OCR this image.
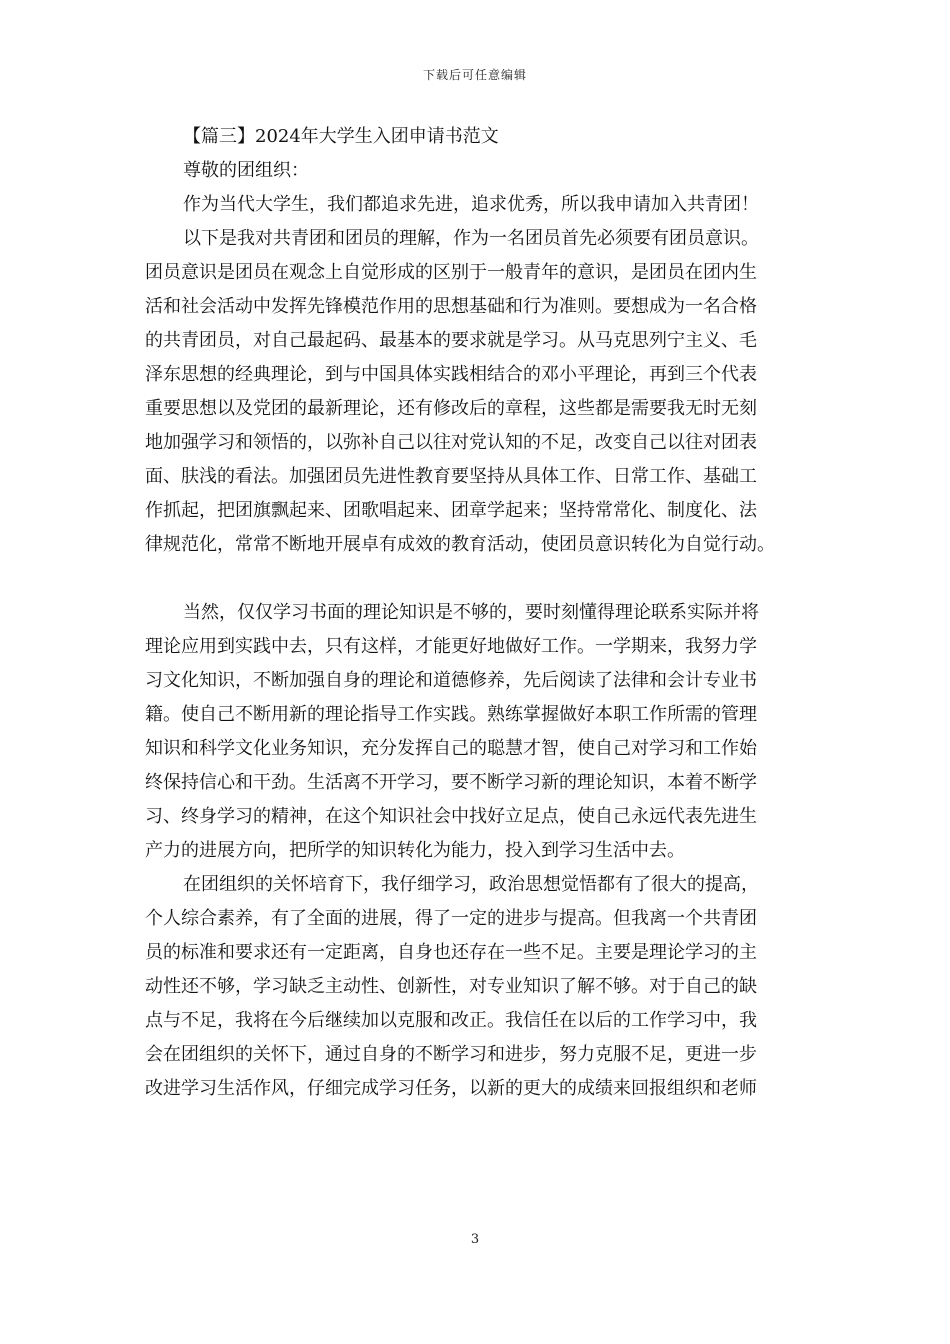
下载后可任意编辑
【篇三】2024年大学生入团申请书范文
尊敬的团组织：
作为当代大学生，我们都追求先进，追求优秀，所以我申请加入共青团！
以下是我对共青团和团员的理解，作为一名团员首先必须要有团员意识。
团员意识是团员在观念上自觉形成的区别于一般青年的意识，是团员在团内生
活和社会活动中发挥先锋模范作用的思想基础和行为准则。要想成为一名合格
的共青团员，对自己最起码、最基本的要求就是学习。从马克思列宁主义、毛
泽东思想的经典理论，到与中国具体实践相结合的邓小平理论，再到三个代表
重要思想以及党团的最新理论，还有修改后的章程，这些都是需要我无时无刻
地加强学习和领悟的，以弥补自己以往对党认知的不足，改变自己以往对团表
面、肤浅的看法。加强团员先进性教育要坚持从具体工作、日常工作、基础工
作抓起，把团旗飘起来、团歌唱起来、团章学起来；坚持常常化、制度化、法
律规范化，常常不断地开展卓有成效的教育活动，使团员意识转化为自觉行动。
当然，仅仅学习书面的理论知识是不够的，要时刻懂得理论联系实际并将
理论应用到实践中去，只有这样，才能更好地做好工作。一学期来，我努力学
习文化知识，不断加强自身的理论和道德修养，先后阅读了法律和会计专业书
籍。使自己不断用新的理论指导工作实践。熟练掌握做好本职工作所需的管理
知识和科学文化业务知识，充分发挥自己的聪慧才智，使自己对学习和工作始
终保持信心和干劲。生活离不开学习，要不断学习新的理论知识，本着不断学
习、终身学习的精神，在这个知识社会中找好立足点，使自己永远代表先进生
产力的进展方向，把所学的知识转化为能力，投入到学习生活中去。
在团组织的关怀培育下，我仔细学习，政治思想觉悟都有了很大的提高，
个人综合素养，有了全面的进展，得了一定的进步与提高。但我离一个共青团
员的标准和要求还有一定距离，自身也还存在一些不足。主要是理论学习的主
动性还不够，学习缺乏主动性、创新性，对专业知识了解不够。对于自己的缺
点与不足，我将在今后继续加以克服和改正。我信任在以后的工作学习中，我
会在团组织的关怀下，通过自身的不断学习和进步，努力克服不足，更进一步
改进学习生活作风，仔细完成学习任务，以新的更大的成绩来回报组织和老师
3
